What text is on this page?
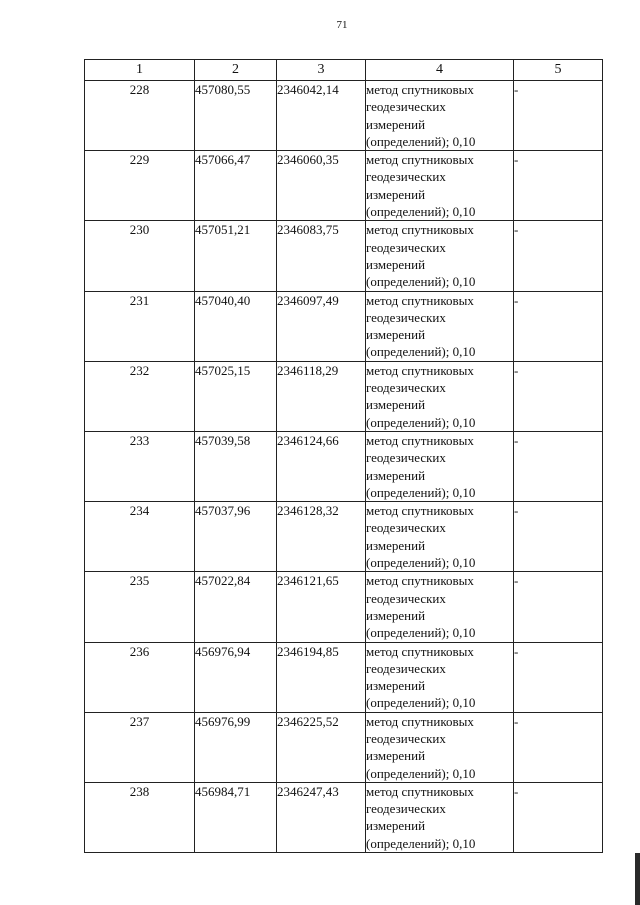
71
1	2	3	4	5
228	457080,55	2346042,14	метод спутниковых
геодезических
измерений
(определений); 0,10	-
229	457066,47	2346060,35	метод спутниковых
геодезических
измерений
(определений); 0,10	-
230	457051,21	2346083,75	метод спутниковых
геодезических
измерений
(определений); 0,10	-
231	457040,40	2346097,49	метод спутниковых
геодезических
измерений
(определений); 0,10	-
232	457025,15	2346118,29	метод спутниковых
геодезических
измерений
(определений); 0,10	-
233	457039,58	2346124,66	метод спутниковых
геодезических
измерений
(определений); 0,10	-
234	457037,96	2346128,32	метод спутниковых
геодезических
измерений
(определений); 0,10	-
235	457022,84	2346121,65	метод спутниковых
геодезических
измерений
(определений); 0,10	-
236	456976,94	2346194,85	метод спутниковых
геодезических
измерений
(определений); 0,10	-
237	456976,99	2346225,52	метод спутниковых
геодезических
измерений
(определений); 0,10	-
238	456984,71	2346247,43	метод спутниковых
геодезических
измерений
(определений); 0,10	-
